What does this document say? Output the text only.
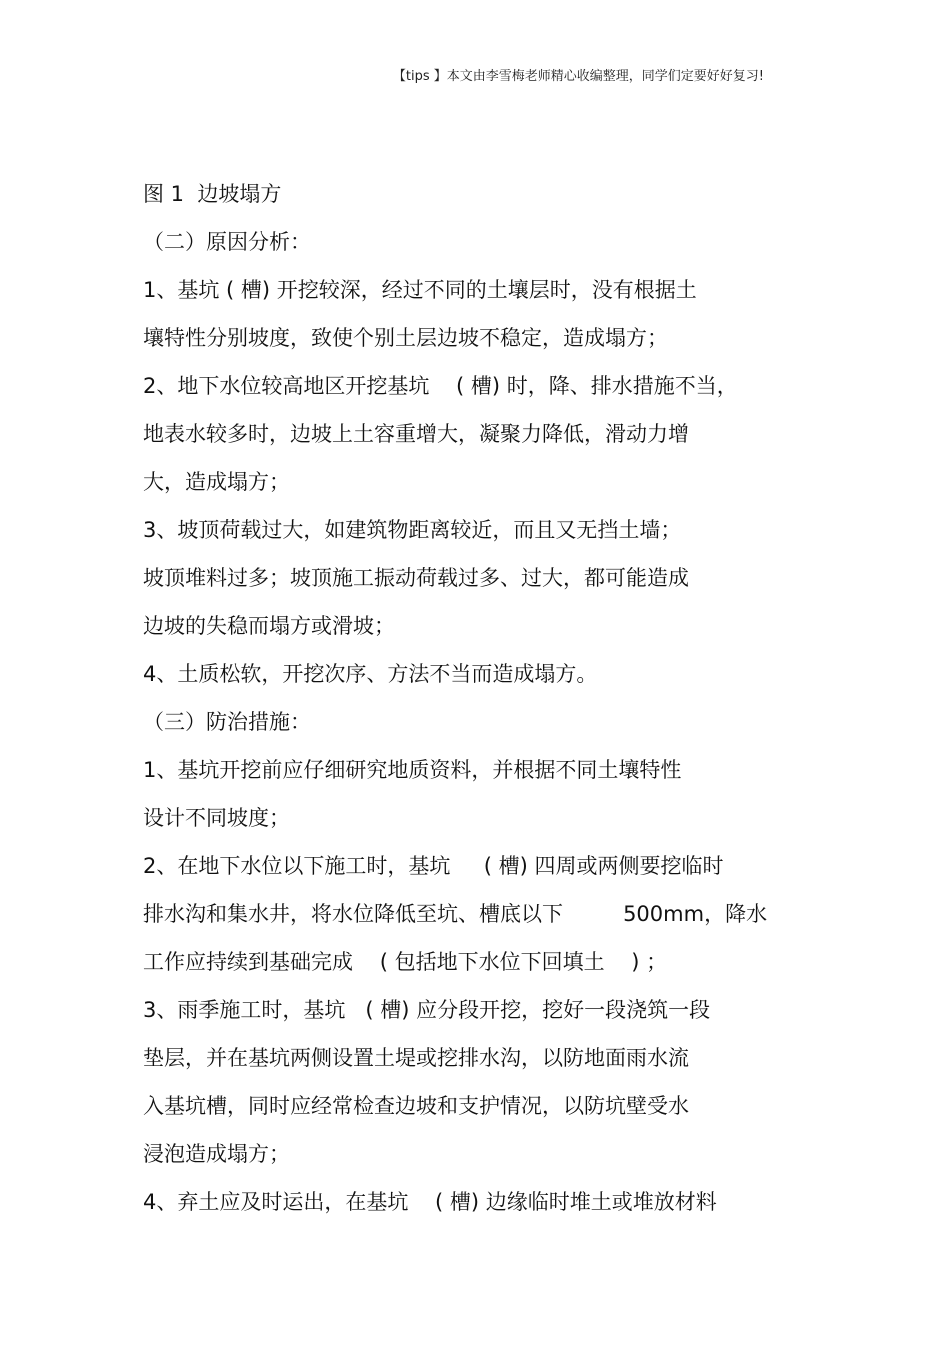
【tips 】本文由李雪梅老师精心收编整理，同学们定要好好复习!
图 1  边坡塌方
（二）原因分析：
1、基坑 ( 槽) 开挖较深，经过不同的土壤层时，没有根据土
壤特性分别坡度，致使个别土层边坡不稳定，造成塌方；
2、地下水位较高地区开挖基坑    ( 槽) 时，降、排水措施不当，
地表水较多时，边坡上土容重增大，凝聚力降低，滑动力增
大，造成塌方；
3、坡顶荷载过大，如建筑物距离较近，而且又无挡土墙；
坡顶堆料过多；坡顶施工振动荷载过多、过大，都可能造成
边坡的失稳而塌方或滑坡；
4、土质松软，开挖次序、方法不当而造成塌方。
（三）防治措施：
1、基坑开挖前应仔细研究地质资料，并根据不同土壤特性
设计不同坡度；
2、在地下水位以下施工时，基坑     ( 槽) 四周或两侧要挖临时
排水沟和集水井，将水位降低至坑、槽底以下         500mm，降水
工作应持续到基础完成    ( 包括地下水位下回填土    ) ；
3、雨季施工时，基坑   ( 槽) 应分段开挖，挖好一段浇筑一段
垫层，并在基坑两侧设置土堤或挖排水沟，以防地面雨水流
入基坑槽，同时应经常检查边坡和支护情况，以防坑壁受水
浸泡造成塌方；
4、弃土应及时运出，在基坑    ( 槽) 边缘临时堆土或堆放材料
